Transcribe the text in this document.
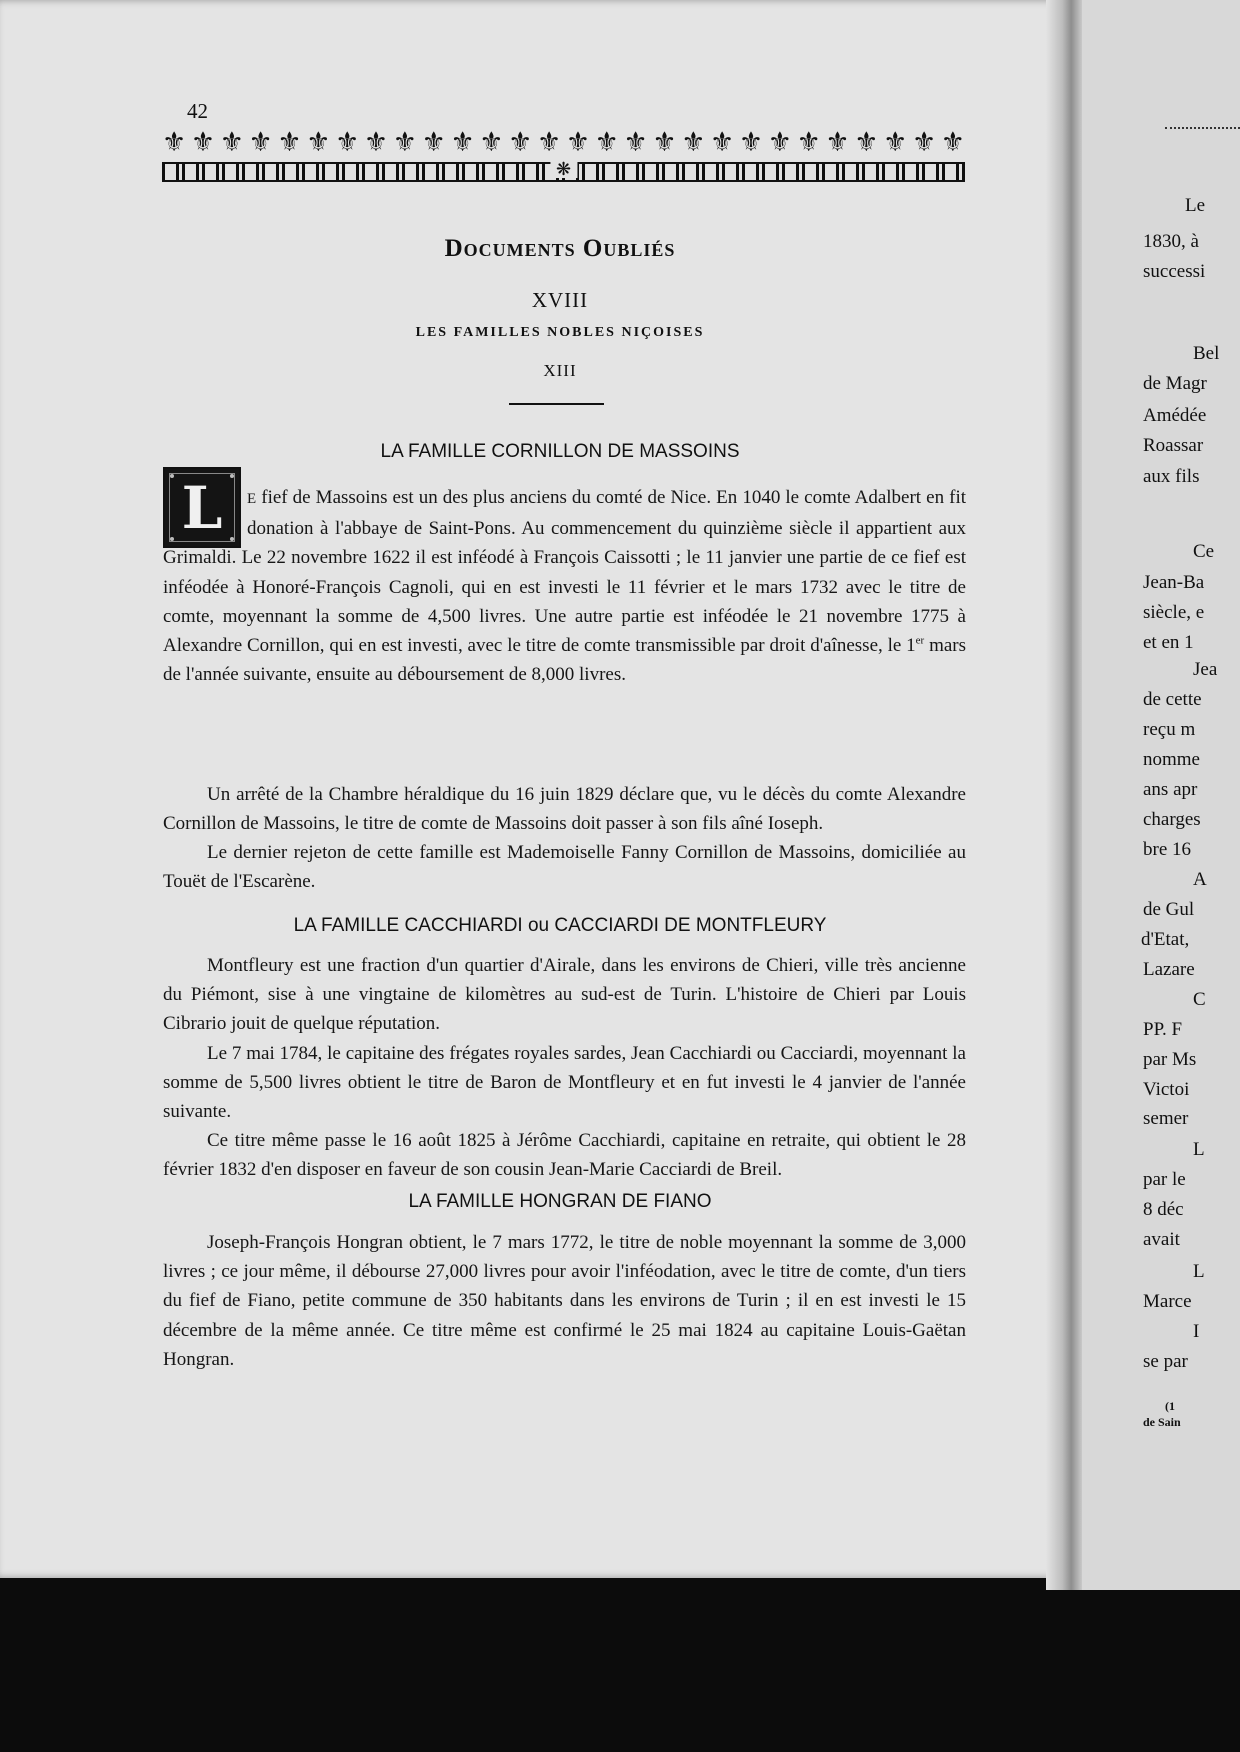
42
⚜ ⚜ ⚜ ⚜ ⚜ ⚜ ⚜ ⚜ ⚜ ⚜ ⚜ ⚜ ⚜ ⚜ ⚜ ⚜ ⚜ ⚜ ⚜ ⚜ ⚜ ⚜ ⚜ ⚜ ⚜ ⚜ ⚜ ⚜
❋
Documents Oubliés
XVIII
LES FAMILLES NOBLES NIÇOISES
XIII
LA FAMILLE CORNILLON DE MASSOINS
L	E fief de Massoins est un des plus anciens du comté de Nice. En 1040 le comte Adalbert en fit donation à l'abbaye de Saint-Pons. Au commencement du quinzième siècle il appartient aux Grimaldi. Le 22 novembre 1622 il est inféodé à François Caissotti ; le 11 janvier une partie de ce fief est inféodée à Honoré-François Cagnoli, qui en est investi le 11 février et le mars 1732 avec le titre de comte, moyennant la somme de 4,500 livres. Une autre partie est inféodée le 21 novembre 1775 à Alexandre Cornillon, qui en est investi, avec le titre de comte transmissible par droit d'aînesse, le 1er mars de l'année suivante, ensuite au déboursement de 8,000 livres.

Un arrêté de la Chambre héraldique du 16 juin 1829 déclare que, vu le décès du comte Alexandre Cornillon de Massoins, le titre de comte de Massoins doit passer à son fils aîné Ioseph.

Le dernier rejeton de cette famille est Mademoiselle Fanny Cornillon de Massoins, domiciliée au Touët de l'Escarène.

LA FAMILLE CACCHIARDI ou CACCIARDI DE MONTFLEURY

Montfleury est une fraction d'un quartier d'Airale, dans les environs de Chieri, ville très ancienne du Piémont, sise à une vingtaine de kilomètres au sud-est de Turin. L'histoire de Chieri par Louis Cibrario jouit de quelque réputation.

Le 7 mai 1784, le capitaine des frégates royales sardes, Jean Cacchiardi ou Cacciardi, moyennant la somme de 5,500 livres obtient le titre de Baron de Montfleury et en fut investi le 4 janvier de l'année suivante.

Ce titre même passe le 16 août 1825 à Jérôme Cacchiardi, capitaine en retraite, qui obtient le 28 février 1832 d'en disposer en faveur de son cousin Jean-Marie Cacciardi de Breil.

LA FAMILLE HONGRAN DE FIANO

Joseph-François Hongran obtient, le 7 mars 1772, le titre de noble moyennant la somme de 3,000 livres ; ce jour même, il débourse 27,000 livres pour avoir l'inféodation, avec le titre de comte, d'un tiers du fief de Fiano, petite commune de 350 habitants dans les environs de Turin ; il en est investi le 15 décembre de la même année. Ce titre même est confirmé le 25 mai 1824 au capitaine Louis-Gaëtan Hongran.

Le
1830, à
successi
Bel
de Magr
Amédée
Roassar
aux fils
Ce
Jean-Ba
siècle, e
et en 1
Jea
de cette
reçu m
nomme
ans apr
charges
bre 16
A
de Gul
d'Etat,
Lazare
C
PP. F
par Ms
Victoi
semer
L
par le
8 déc
avait
L
Marce
I
se par
(1
de Sain
